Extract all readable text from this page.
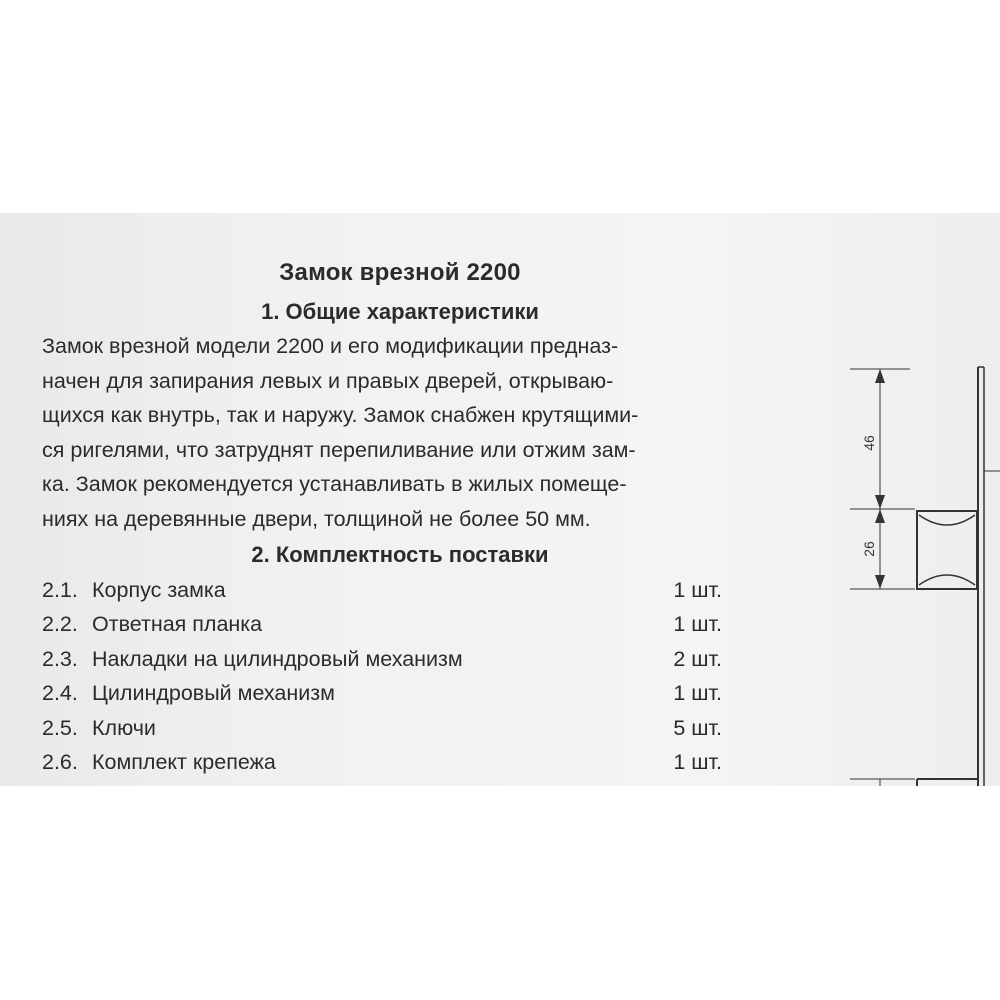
Замок врезной 2200
1. Общие характеристики
Замок врезной модели 2200 и его модификации предназ-
начен для запирания левых и правых дверей, открываю-
щихся как внутрь, так и наружу. Замок снабжен крутящими-
ся ригелями, что затруднят перепиливание или отжим зам-
ка. Замок рекомендуется устанавливать в жилых помеще-
ниях на деревянные двери, толщиной не более 50 мм.
2. Комплектность поставки
2.1. Корпус замка	1 шт.
2.2. Ответная планка	1 шт.
2.3. Накладки на цилиндровый механизм	2 шт.
2.4. Цилиндровый механизм	1 шт.
2.5. Ключи	5 шт.
2.6. Комплект крепежа	1 шт.
46
26
